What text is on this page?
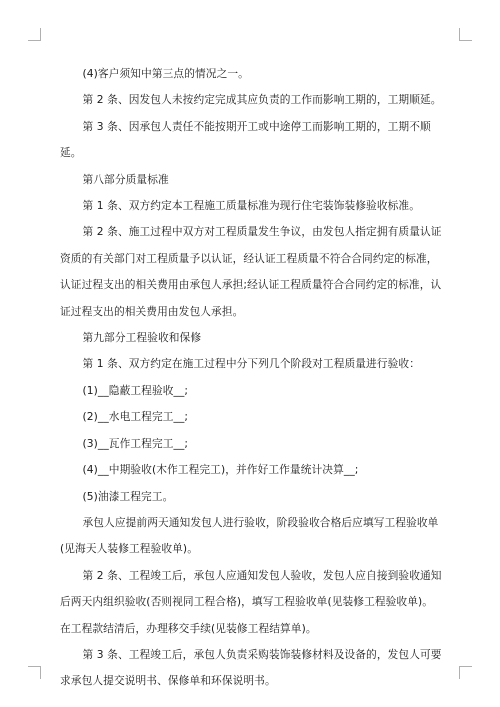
(4)客户须知中第三点的情况之一。

第 2 条、因发包人未按约定完成其应负责的工作而影响工期的，工期顺延。

第 3 条、因承包人责任不能按期开工或中途停工而影响工期的，工期不顺延。

第八部分质量标准

第 1 条、双方约定本工程施工质量标准为现行住宅装饰装修验收标准。

第 2 条、施工过程中双方对工程质量发生争议，由发包人指定拥有质量认证资质的有关部门对工程质量予以认证，经认证工程质量不符合合同约定的标准，认证过程支出的相关费用由承包人承担;经认证工程质量符合合同约定的标准，认证过程支出的相关费用由发包人承担。

第九部分工程验收和保修

第 1 条、双方约定在施工过程中分下列几个阶段对工程质量进行验收：

(1)__隐蔽工程验收__;

(2)__水电工程完工__;

(3)__瓦作工程完工__;

(4)__中期验收(木作工程完工)，并作好工作量统计决算__;

(5)油漆工程完工。

承包人应提前两天通知发包人进行验收，阶段验收合格后应填写工程验收单(见海天人装修工程验收单)。

第 2 条、工程竣工后，承包人应通知发包人验收，发包人应自接到验收通知后两天内组织验收(否则视同工程合格)，填写工程验收单(见装修工程验收单)。在工程款结清后，办理移交手续(见装修工程结算单)。

第 3 条、工程竣工后，承包人负责采购装饰装修材料及设备的，发包人可要求承包人提交说明书、保修单和环保说明书。
